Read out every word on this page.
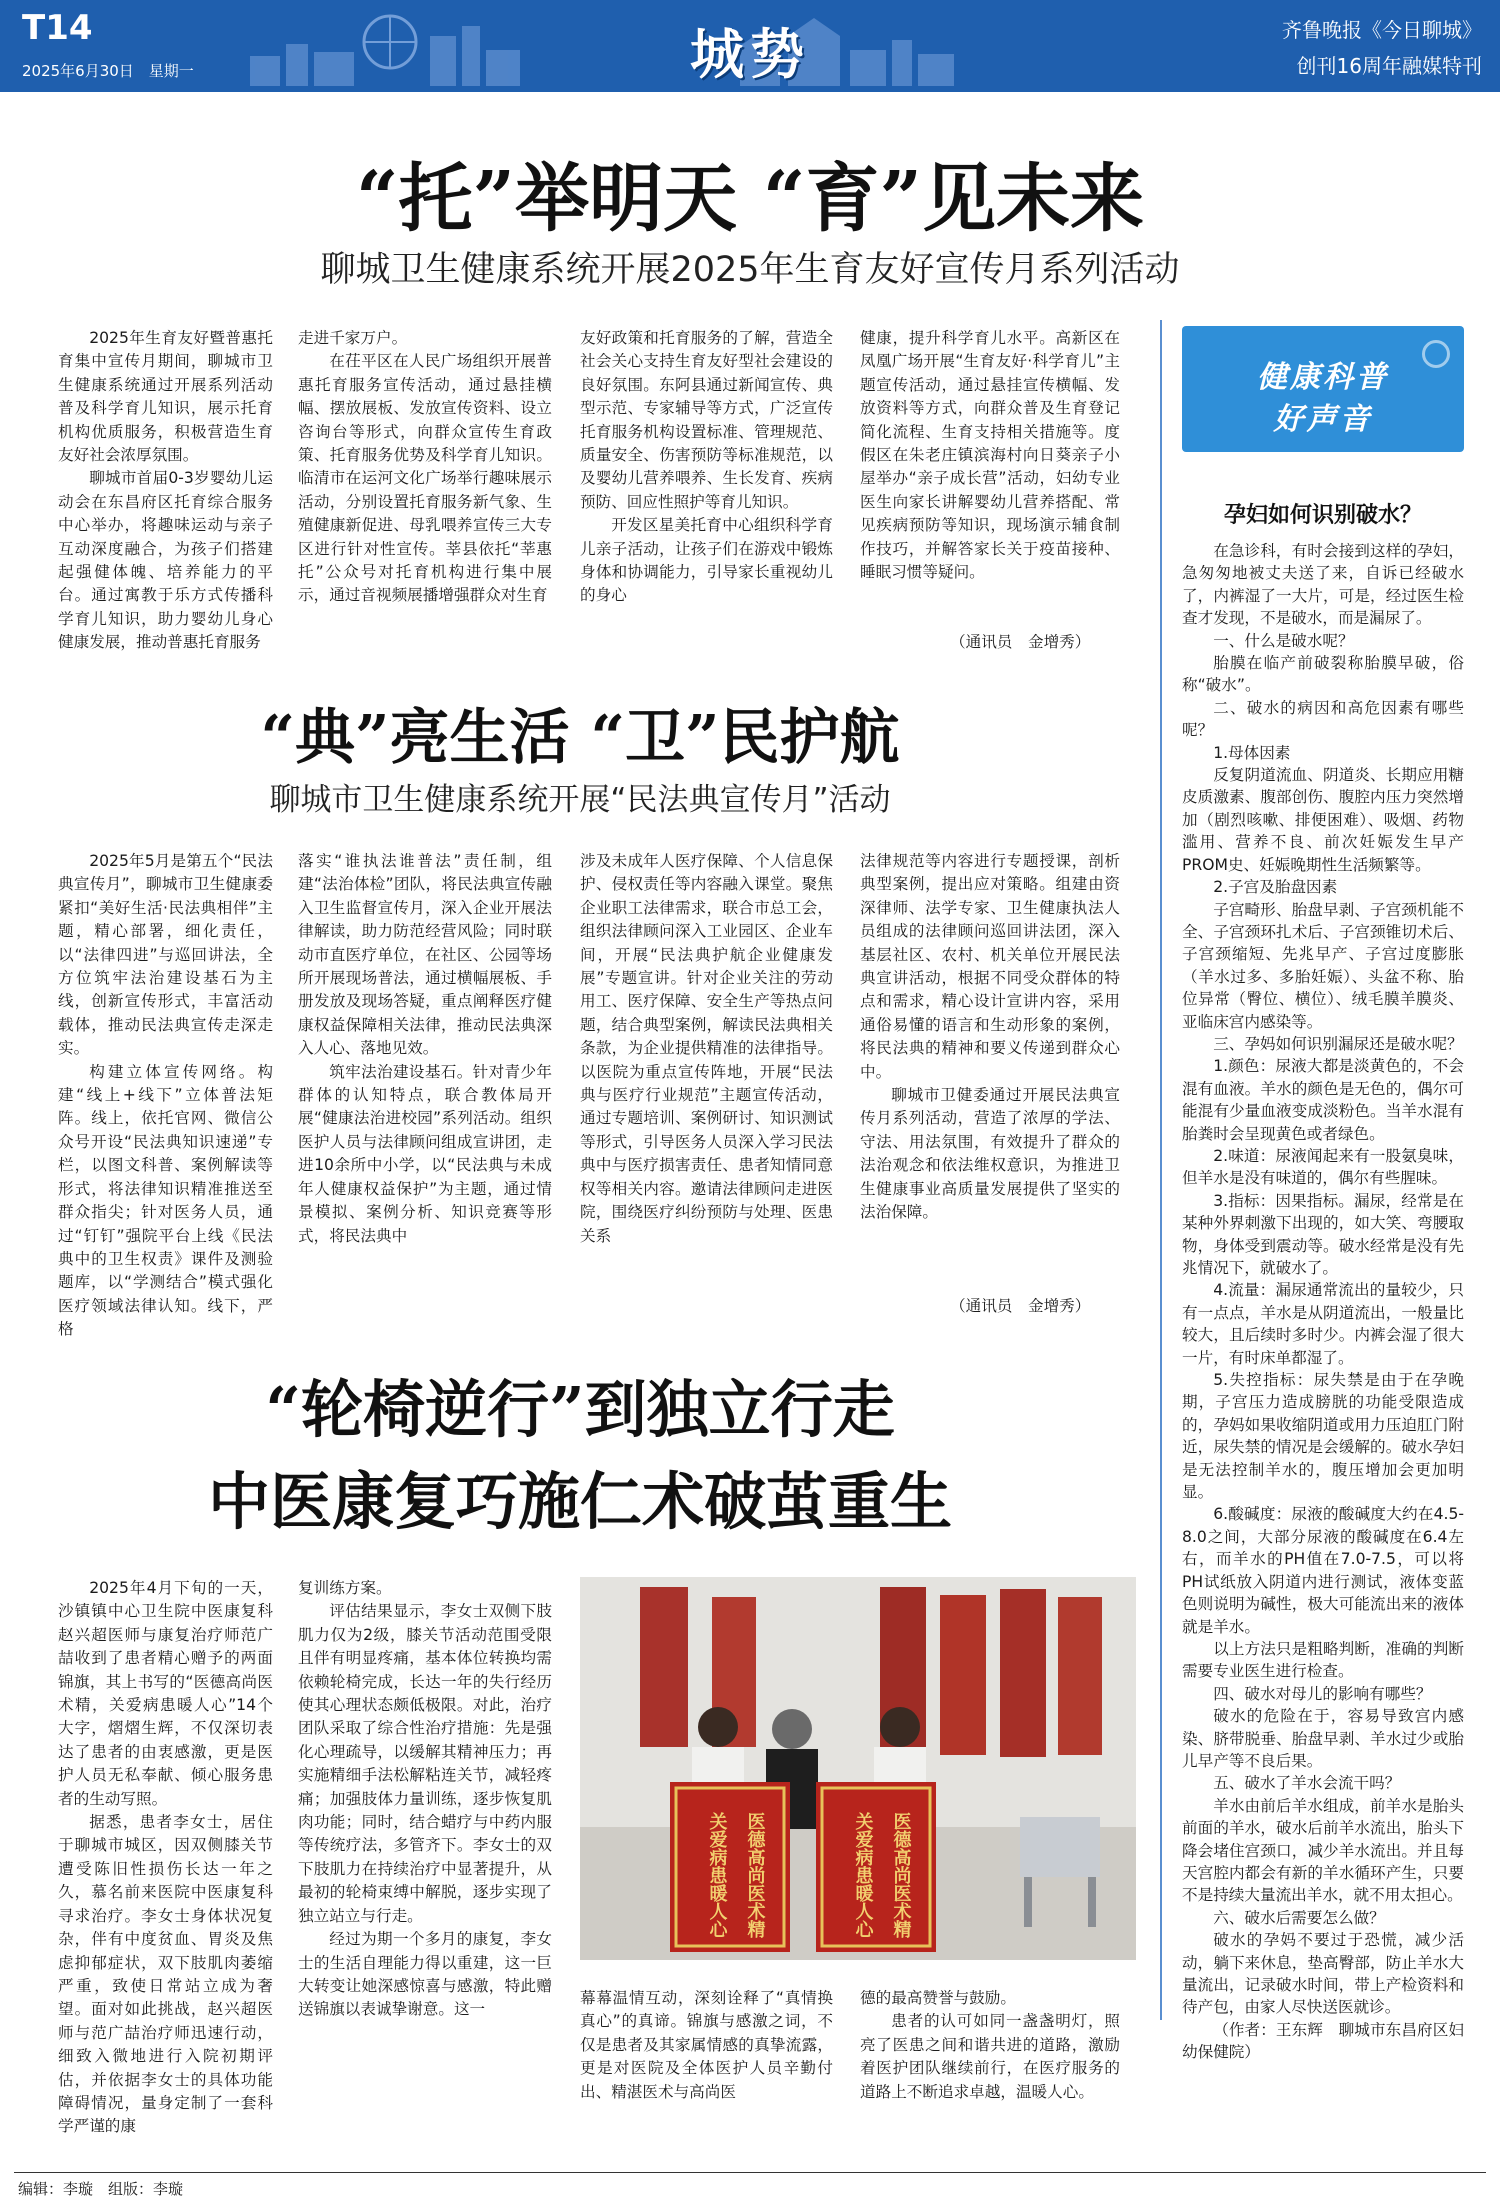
T14
2025年6月30日　星期一	城势	齐鲁晚报《今日聊城》
创刊16周年融媒特刊
“托”举明天 “育”见未来
聊城卫生健康系统开展2025年生育友好宣传月系列活动

2025年生育友好暨普惠托育集中宣传月期间，聊城市卫生健康系统通过开展系列活动普及科学育儿知识，展示托育机构优质服务，积极营造生育友好社会浓厚氛围。

聊城市首届0-3岁婴幼儿运动会在东昌府区托育综合服务中心举办，将趣味运动与亲子互动深度融合，为孩子们搭建起强健体魄、培养能力的平台。通过寓教于乐方式传播科学育儿知识，助力婴幼儿身心健康发展，推动普惠托育服务

走进千家万户。

在茌平区在人民广场组织开展普惠托育服务宣传活动，通过悬挂横幅、摆放展板、发放宣传资料、设立咨询台等形式，向群众宣传生育政策、托育服务优势及科学育儿知识。临清市在运河文化广场举行趣味展示活动，分别设置托育服务新气象、生殖健康新促进、母乳喂养宣传三大专区进行针对性宣传。莘县依托“莘惠托”公众号对托育机构进行集中展示，通过音视频展播增强群众对生育

友好政策和托育服务的了解，营造全社会关心支持生育友好型社会建设的良好氛围。东阿县通过新闻宣传、典型示范、专家辅导等方式，广泛宣传托育服务机构设置标准、管理规范、质量安全、伤害预防等标准规范，以及婴幼儿营养喂养、生长发育、疾病预防、回应性照护等育儿知识。

开发区星美托育中心组织科学育儿亲子活动，让孩子们在游戏中锻炼身体和协调能力，引导家长重视幼儿的身心

健康，提升科学育儿水平。高新区在凤凰广场开展“生育友好·科学育儿”主题宣传活动，通过悬挂宣传横幅、发放资料等方式，向群众普及生育登记简化流程、生育支持相关措施等。度假区在朱老庄镇滨海村向日葵亲子小屋举办“亲子成长营”活动，妇幼专业医生向家长讲解婴幼儿营养搭配、常见疾病预防等知识，现场演示辅食制作技巧，并解答家长关于疫苗接种、睡眠习惯等疑问。

（通讯员　金增秀）
“典”亮生活 “卫”民护航
聊城市卫生健康系统开展“民法典宣传月”活动

2025年5月是第五个“民法典宣传月”，聊城市卫生健康委紧扣“美好生活·民法典相伴”主题，精心部署，细化责任，以“法律四进”与巡回讲法，全方位筑牢法治建设基石为主线，创新宣传形式，丰富活动载体，推动民法典宣传走深走实。

构建立体宣传网络。构建“线上+线下”立体普法矩阵。线上，依托官网、微信公众号开设“民法典知识速递”专栏，以图文科普、案例解读等形式，将法律知识精准推送至群众指尖；针对医务人员，通过“钉钉”强院平台上线《民法典中的卫生权责》课件及测验题库，以“学测结合”模式强化医疗领域法律认知。线下，严格

落实“谁执法谁普法”责任制，组建“法治体检”团队，将民法典宣传融入卫生监督宣传月，深入企业开展法律解读，助力防范经营风险；同时联动市直医疗单位，在社区、公园等场所开展现场普法，通过横幅展板、手册发放及现场答疑，重点阐释医疗健康权益保障相关法律，推动民法典深入人心、落地见效。

筑牢法治建设基石。针对青少年群体的认知特点，联合教体局开展“健康法治进校园”系列活动。组织医护人员与法律顾问组成宣讲团，走进10余所中小学，以“民法典与未成年人健康权益保护”为主题，通过情景模拟、案例分析、知识竞赛等形式，将民法典中

涉及未成年人医疗保障、个人信息保护、侵权责任等内容融入课堂。聚焦企业职工法律需求，联合市总工会，组织法律顾问深入工业园区、企业车间，开展“民法典护航企业健康发展”专题宣讲。针对企业关注的劳动用工、医疗保障、安全生产等热点问题，结合典型案例，解读民法典相关条款，为企业提供精准的法律指导。以医院为重点宣传阵地，开展“民法典与医疗行业规范”主题宣传活动，通过专题培训、案例研讨、知识测试等形式，引导医务人员深入学习民法典中与医疗损害责任、患者知情同意权等相关内容。邀请法律顾问走进医院，围绕医疗纠纷预防与处理、医患关系

法律规范等内容进行专题授课，剖析典型案例，提出应对策略。组建由资深律师、法学专家、卫生健康执法人员组成的法律顾问巡回讲法团，深入基层社区、农村、机关单位开展民法典宣讲活动，根据不同受众群体的特点和需求，精心设计宣讲内容，采用通俗易懂的语言和生动形象的案例，将民法典的精神和要义传递到群众心中。

聊城市卫健委通过开展民法典宣传月系列活动，营造了浓厚的学法、守法、用法氛围，有效提升了群众的法治观念和依法维权意识，为推进卫生健康事业高质量发展提供了坚实的法治保障。

（通讯员　金增秀）
“轮椅逆行”到独立行走
中医康复巧施仁术破茧重生

2025年4月下旬的一天，沙镇镇中心卫生院中医康复科赵兴超医师与康复治疗师范广喆收到了患者精心赠予的两面锦旗，其上书写的“医德高尚医术精，关爱病患暖人心”14个大字，熠熠生辉，不仅深切表达了患者的由衷感激，更是医护人员无私奉献、倾心服务患者的生动写照。

据悉，患者李女士，居住于聊城市城区，因双侧膝关节遭受陈旧性损伤长达一年之久，慕名前来医院中医康复科寻求治疗。李女士身体状况复杂，伴有中度贫血、胃炎及焦虑抑郁症状，双下肢肌肉萎缩严重，致使日常站立成为奢望。面对如此挑战，赵兴超医师与范广喆治疗师迅速行动，细致入微地进行入院初期评估，并依据李女士的具体功能障碍情况，量身定制了一套科学严谨的康

复训练方案。

评估结果显示，李女士双侧下肢肌力仅为2级，膝关节活动范围受限且伴有明显疼痛，基本体位转换均需依赖轮椅完成，长达一年的失行经历使其心理状态颇低极限。对此，治疗团队采取了综合性治疗措施：先是强化心理疏导，以缓解其精神压力；再实施精细手法松解粘连关节，减轻疼痛；加强肢体力量训练，逐步恢复肌肉功能；同时，结合蜡疗与中药内服等传统疗法，多管齐下。李女士的双下肢肌力在持续治疗中显著提升，从最初的轮椅束缚中解脱，逐步实现了独立站立与行走。

经过为期一个多月的康复，李女士的生活自理能力得以重建，这一巨大转变让她深感惊喜与感激，特此赠送锦旗以表诚挚谢意。这一

医德高尚医术精
关爱病患暖人心	医德高尚医术精
关爱病患暖人心

幕幕温情互动，深刻诠释了“真情换真心”的真谛。锦旗与感激之词，不仅是患者及其家属情感的真挚流露，更是对医院及全体医护人员辛勤付出、精湛医术与高尚医

德的最高赞誉与鼓励。

患者的认可如同一盏盏明灯，照亮了医患之间和谐共进的道路，激励着医护团队继续前行，在医疗服务的道路上不断追求卓越，温暖人心。

健康科普
好声音
孕妇如何识别破水？

在急诊科，有时会接到这样的孕妇，急匆匆地被丈夫送了来，自诉已经破水了，内裤湿了一大片，可是，经过医生检查才发现，不是破水，而是漏尿了。

一、什么是破水呢？

胎膜在临产前破裂称胎膜早破，俗称“破水”。

二、破水的病因和高危因素有哪些呢？

1.母体因素

反复阴道流血、阴道炎、长期应用糖皮质激素、腹部创伤、腹腔内压力突然增加（剧烈咳嗽、排便困难）、吸烟、药物滥用、营养不良、前次妊娠发生早产PROM史、妊娠晚期性生活频繁等。

2.子宫及胎盘因素

子宫畸形、胎盘早剥、子宫颈机能不全、子宫颈环扎术后、子宫颈锥切术后、子宫颈缩短、先兆早产、子宫过度膨胀（羊水过多、多胎妊娠）、头盆不称、胎位异常（臀位、横位）、绒毛膜羊膜炎、亚临床宫内感染等。

三、孕妈如何识别漏尿还是破水呢？

1.颜色：尿液大都是淡黄色的，不会混有血液。羊水的颜色是无色的，偶尔可能混有少量血液变成淡粉色。当羊水混有胎粪时会呈现黄色或者绿色。

2.味道：尿液闻起来有一股氨臭味，但羊水是没有味道的，偶尔有些腥味。

3.指标：因果指标。漏尿，经常是在某种外界刺激下出现的，如大笑、弯腰取物，身体受到震动等。破水经常是没有先兆情况下，就破水了。

4.流量：漏尿通常流出的量较少，只有一点点，羊水是从阴道流出，一般量比较大，且后续时多时少。内裤会湿了很大一片，有时床单都湿了。

5.失控指标：尿失禁是由于在孕晚期，子宫压力造成膀胱的功能受限造成的，孕妈如果收缩阴道或用力压迫肛门附近，尿失禁的情况是会缓解的。破水孕妇是无法控制羊水的，腹压增加会更加明显。

6.酸碱度：尿液的酸碱度大约在4.5-8.0之间，大部分尿液的酸碱度在6.4左右，而羊水的PH值在7.0-7.5，可以将PH试纸放入阴道内进行测试，液体变蓝色则说明为碱性，极大可能流出来的液体就是羊水。

以上方法只是粗略判断，准确的判断需要专业医生进行检查。

四、破水对母儿的影响有哪些？

破水的危险在于，容易导致宫内感染、脐带脱垂、胎盘早剥、羊水过少或胎儿早产等不良后果。

五、破水了羊水会流干吗？

羊水由前后羊水组成，前羊水是胎头前面的羊水，破水后前羊水流出，胎头下降会堵住宫颈口，减少羊水流出。并且每天宫腔内都会有新的羊水循环产生，只要不是持续大量流出羊水，就不用太担心。

六、破水后需要怎么做？

破水的孕妈不要过于恐慌，减少活动，躺下来休息，垫高臀部，防止羊水大量流出，记录破水时间，带上产检资料和待产包，由家人尽快送医就诊。

（作者：王东辉　聊城市东昌府区妇幼保健院）

编辑：李璇　组版：李璇
